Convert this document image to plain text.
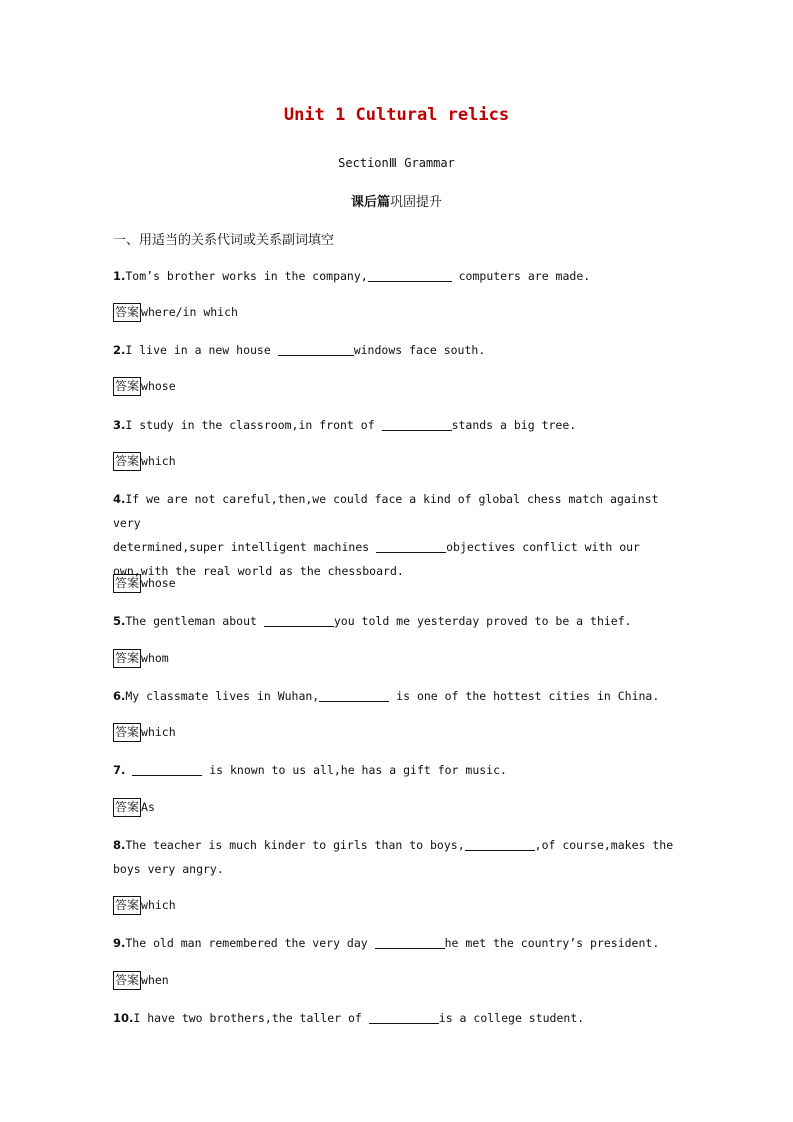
Unit 1 Cultural relics
SectionⅢ Grammar
课后篇巩固提升
一、用适当的关系代词或关系副词填空
1.Tom’s brother works in the company,	computers are made.
答案 where/in which
2.I live in a new house	windows face south.
答案 whose
3.I study in the classroom,in front of	stands a big tree.
答案 which
4.If we are not careful,then,we could face a kind of global chess match against very
determined,super intelligent machines	objectives conflict with our
own,with the real world as the chessboard.
答案 whose
5.The gentleman about	you told me yesterday proved to be a thief.
答案 whom
6.My classmate lives in Wuhan,	is one of the hottest cities in China.
答案 which
7.	is known to us all,he has a gift for music.
答案 As
8.The teacher is much kinder to girls than to boys,	,of course,makes the
boys very angry.
答案 which
9.The old man remembered the very day	he met the country’s president.
答案 when
10.I have two brothers,the taller of	is a college student.
